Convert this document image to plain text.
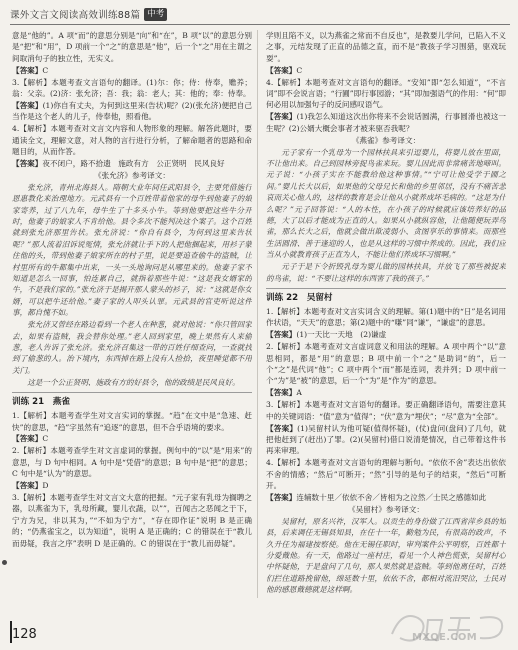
课外文言文阅读高效训练88篇 中考

意是“他的”。A 项“而”的意思分别是“向”和“在”，B 项“以”的意思分别是“把”和“用”，D 项前一个“之”的意思是“他”，后一个“之”用在主谓之间取消句子的独立性，无实义。

【答案】C

3.【解析】本题考查文言语句的翻译。(1)尔：你；侍：侍奉，赡养；翁：父亲。(2)济：张允济；吾：我；翁：老人；其：他的；奉：侍奉。

【答案】(1)你自有丈夫，为何到这里来(告状)呢？(2)(张允济)便把自己当作是这个老人的儿子，侍奉他，照看他。

4.【解析】本题考查对文言文内容和人物形象的理解。解答此题时，要通读全文，理解文意，对人物的言行进行分析，了解命题者的思路和命题目的，从而作答。

【答案】夜不闭户，路不拾遗　施政有方　公正贤明　民风良好

《张允济》参考译文：

张允济，青州北海县人。隋朝大业年间任武阳县令，主要凭借施行恩惠教化来治理地方。元武县有一个百姓带着他家的母牛到他妻子的娘家寄养，过了八九年，母牛生了十多头小牛。等到他要把这些牛分开时，他妻子的娘家人不肯给他。县令多次不能判决这个案子。这个百姓就到张允济那里告状。张允济说：“你自有县令，为何到这里来告状呢？”那人流着泪诉说冤情，张允济就让手下的人把他捆起来，用衫子蒙住他的头，带到他妻子娘家所在的村子里，说是要追查偷牛的盗贼，让村里所有的牛都集中出来，一头一头地询问是从哪里来的。他妻子家不知道是怎么一回事，怕连累自己，就指着那些牛说：“这是我女婿家的牛，不是我们家的。”张允济于是揭开那人蒙头的衫子，说：“这就是你女婿，可以把牛还给他。”妻子家的人叩头认罪。元武县的官吏听说这件事，都自愧不如。

张允济又曾经在路边看到一个老人在种葱，就对他说：“你只管回家去，如果有盗贼，我会替你处理。”老人回到家里，晚上果然有人来偷葱，老人告诉了张允济。张允济召集这一带的百姓仔细查问，一查就找到了偷葱的人。治下境内，东西掉在路上没有人捡拾，夜里睡觉都不用关门。

这是一个公正贤明、施政有方的好县令，他的政绩是民风良好。

训练 21　燕雀

1.【解析】本题考查学生对文言实词的掌握。“趋”在文中是“急速、赶快”的意思，“趋”字虽然有“追逐”的意思，但不合乎语境的要求。

【答案】C

2.【解析】本题考查学生对文言虚词的掌握。例句中的“以”是“用来”的意思，与 D 句中相同。A 句中是“凭借”的意思；B 句中是“把”的意思；C 句中是“认为”的意思。

【答案】D

3.【解析】本题考查学生对文言文大意的把握。“元子家有乳母为搁聘之器，以燕雀为下，乳母所藏，婴儿衣蔬，以””，百闻古之恶闻之于下，宁方为兄，非以其为，”“不如为宁方”，“存在即作证”说明 B 是正确的；“仍燕雀宝之，以为知道”，说明 A 是正确的；C 的错误在于“教儿而毋疑，我言之序”表明 D 是正确的。C 的错误在于“教儿而毋疑”。

学则且陷不义，以为燕雀之常而不自反也”，是教要儿学问，已陷入不义之事，元结发现了正直的品德之直，而不是“教孩子学习围猎，驱戏玩耍”。

【答案】C

4.【解析】本题考查对文言语句的翻译。“安知”即“怎么知道”，“不言词”即不会说言语；“行圃”即行事园游；“其”即加强语气的作用：“何”即何必用以加强句子的反问感叹语气。

【答案】(1)我怎么知道这次出你将来不会说话圆满，行事圆滑也被这一生呢？(2)公婿大概会事者才被来驱否我呢？

《燕雀》参考译文：

元子家有一个乳母为一个园林扶具来引逗婴儿，将婴儿放在里面，不让他出来。自己到园林旁捉鸟雀来玩。婴儿因此而非常痛苦地啼叫。元子说：“小孩子实在不能教给他这种事情。”“宁可让他受学于圃之间。”婴儿长大以后，如果他的父母兄长和他的乡里邻居，没有不痛苦悲哀而关心他人的，这样的教育是会让他从小就养成坏毛病的。“这是为什么呢？”元子回答说：“人的本性，在小孩子的时候就应该培养好的品德，大了以后才能成为正直的人。如果从小就纵容他，让他随便玩弄鸟雀，那么长大之后，他就会做出欺凌弱小、贪图享乐的事情来。而那些生活圆滑、善于逢迎的人，也是从这样的习惯中养成的。因此，我们应当从小就教育孩子正直为人，不能让他们养成坏习惯啊。”

元子于是下令折毁乳母为婴儿做的园林扶具，并放飞了那些被捉来的鸟雀，说：“不要让这样的东西害了我的孩子。”

训练 22　吴留村

1.【解析】本题考查对文言实词含义的理解。第(1)题中的“日”是名词用作状语，“天天”的意思；第(2)题中的“嗛”同“谦”，“谦虚”的意思。

【答案】(1)一天比一天地　(2)谦虚

2.【解析】本题考查对文言虚词意义和用法的理解。A 项中两个“以”意思相同，都是“用”的意思；B 项中前一个“之”是助词“的”，后一个“之”是代词“他”；C 项中两个“而”都是连词，表并列；D 项中前一个“为”是“被”的意思，后一个“为”是“作为”的意思。

【答案】A

3.【解析】本题考查对文言语句的翻译。要正确翻译语句，需要注意其中的关键词语：“值”意为“值得”；“伏”意为“埋伏”；“尽”意为“全部”。

【答案】(1)吴留村认为他可疑(值得怀疑)，(仗)盘问(盘问)了几句，就把他赶到了(赶出)了罪。(2)(吴留村)借口说清楚情况，自己带着这件书再来审理。

4.【解析】本题考查对文言语句的理解与断句。“依依不舍”表达出依依不舍的情感；“然后”可断开；“然”引导的是句子的结束，“然后”可断开。

【答案】连辅数十里／依依不舍／皆相为之泣然／士民之感德如此

《吴留村》参考译文：

吴留村，原名兴祚，汉军人。以贡生的身份做了江西省萍乡县的知县，后来调任无锡县知县，在任十一年，勤勉为民，有很高的政声，不久升任为福建按察使。他在无锡任职时，审判案件公平明察，百姓都十分爱戴他。有一天，他路过一座村庄，看见一个人神色慌张，吴留村心中怀疑他，于是盘问了几句，那人果然就是盗贼。等到他离任时，百姓们拦住道路挽留他，绵延数十里，依依不舍，都相对流泪哭泣，士民对他的感恩戴德就是这样啊。

128	MXQE.COM
